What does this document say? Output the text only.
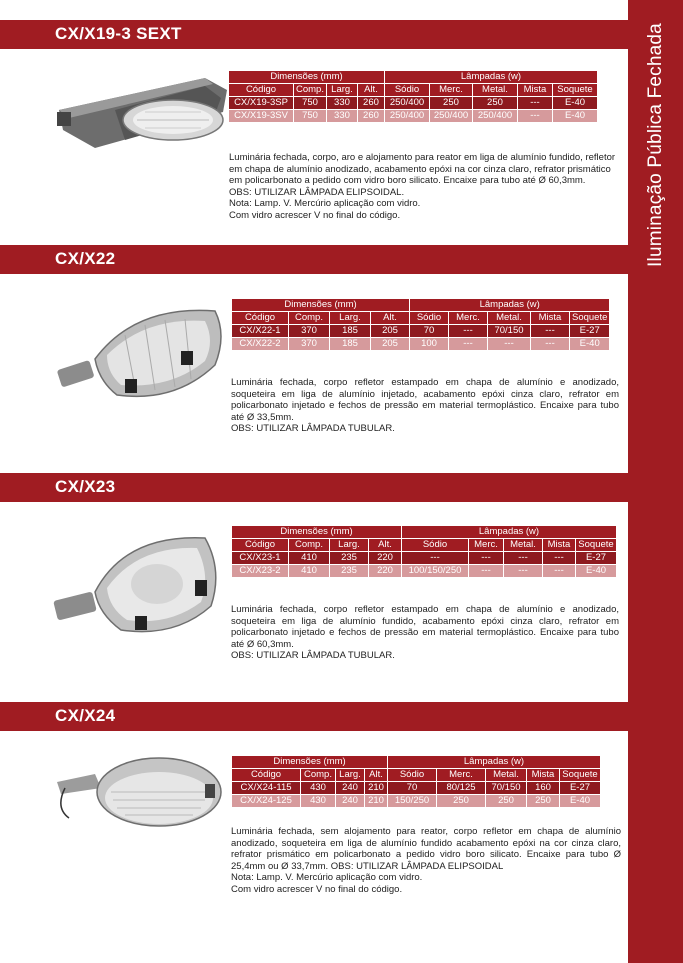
Iluminação Pública Fechada
CX/X19-3 SEXT
Dimensões (mm)				Lâmpadas (w)				
Código	Comp.	Larg.	Alt.	Sódio	Merc.	Metal.	Mista	Soquete
CX/X19-3SP	750	330	260	250/400	250	250	---	E-40
CX/X19-3SV	750	330	260	250/400	250/400	250/400	---	E-40

Luminária fechada, corpo, aro e alojamento para reator em liga de alumínio fundido, refletor em chapa de alumínio anodizado, acabamento epóxi na cor cinza claro, refrator prismático em policarbonato a pedido com vidro boro silicato. Encaixe para tubo até Ø 60,3mm.

OBS: UTILIZAR LÂMPADA ELIPSOIDAL.

Nota: Lamp. V. Mercúrio aplicação com vidro.

Com vidro acrescer V no final do código.

CX/X22
Dimensões (mm)				Lâmpadas (w)				
Código	Comp.	Larg.	Alt.	Sódio	Merc.	Metal.	Mista	Soquete
CX/X22-1	370	185	205	70	---	70/150	---	E-27
CX/X22-2	370	185	205	100	---	---	---	E-40

Luminária fechada, corpo refletor estampado em chapa de alumínio e anodizado, soqueteira em liga de alumínio injetado, acabamento epóxi cinza claro, refrator em policarbonato injetado e fechos de pressão em material termoplástico. Encaixe para tubo até Ø 33,5mm.

OBS: UTILIZAR LÂMPADA TUBULAR.

CX/X23
Dimensões (mm)				Lâmpadas (w)				
Código	Comp.	Larg.	Alt.	Sódio	Merc.	Metal.	Mista	Soquete
CX/X23-1	410	235	220	---	---	---	---	E-27
CX/X23-2	410	235	220	100/150/250	---	---	---	E-40

Luminária fechada, corpo refletor estampado em chapa de alumínio e anodizado, soqueteira em liga de alumínio fundido, acabamento epóxi cinza claro, refrator em policarbonato injetado e fechos de pressão em material termoplástico. Encaixe para tubo até Ø 60,3mm.

OBS: UTILIZAR LÂMPADA TUBULAR.

CX/X24
Dimensões (mm)				Lâmpadas (w)				
Código	Comp.	Larg.	Alt.	Sódio	Merc.	Metal.	Mista	Soquete
CX/X24-115	430	240	210	70	80/125	70/150	160	E-27
CX/X24-125	430	240	210	150/250	250	250	250	E-40

Luminária fechada, sem alojamento para reator, corpo refletor em chapa de alumínio anodizado, soqueteira em liga de alumínio fundido acabamento epóxi na cor cinza claro, refrator prismático em policarbonato a pedido vidro boro silicato. Encaixe para tubo Ø 25,4mm ou Ø 33,7mm. OBS: UTILIZAR LÂMPADA ELIPSOIDAL

Nota: Lamp. V. Mercúrio aplicação com vidro.

Com vidro acrescer V no final do código.
